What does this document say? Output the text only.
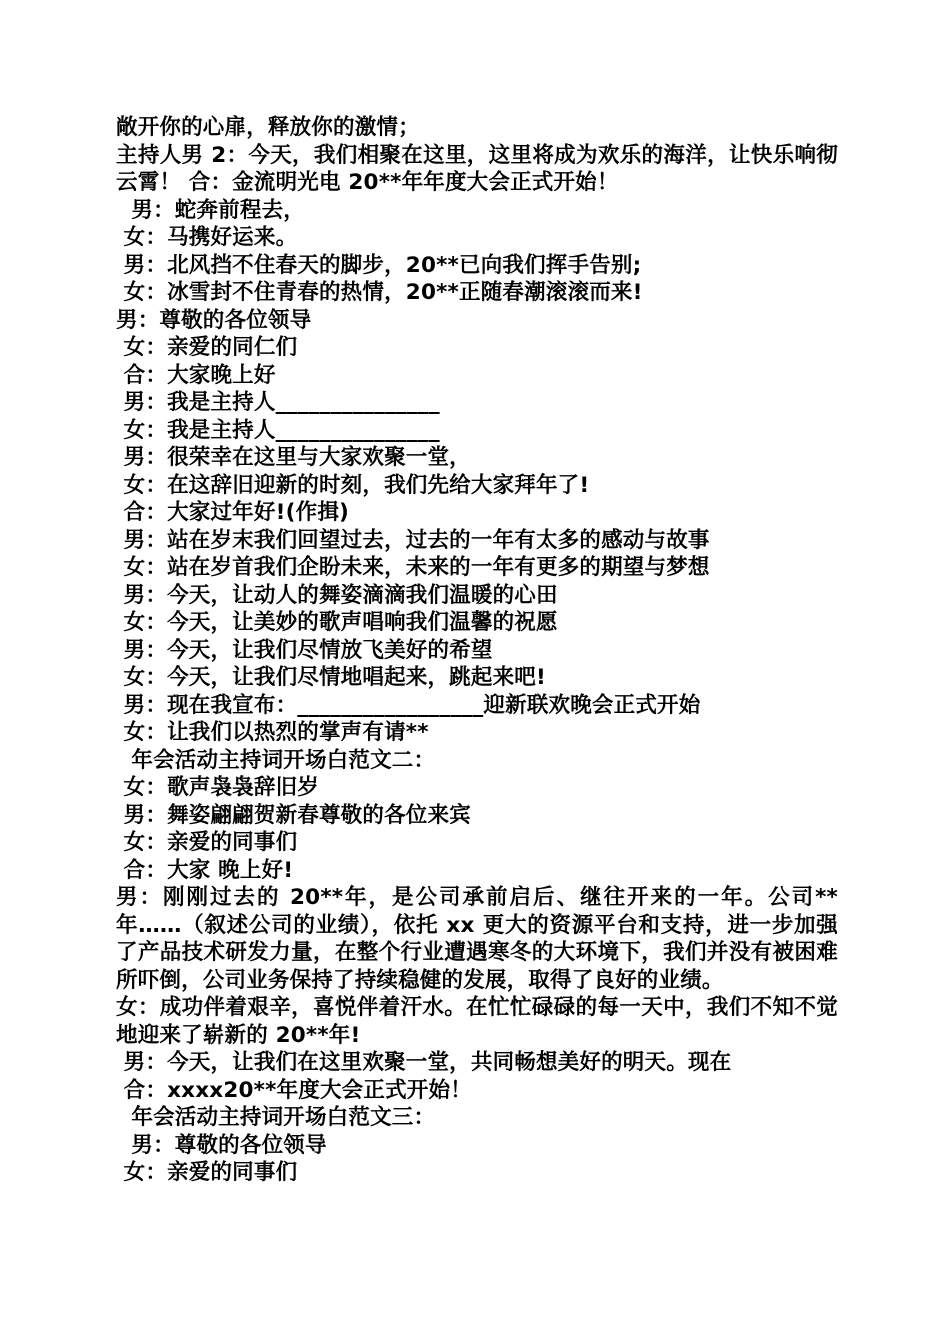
敞开你的心扉，释放你的激情；
主持人男 2：今天，我们相聚在这里，这里将成为欢乐的海洋，让快乐响彻云霄！ 合：金流明光电 20**年年度大会正式开始！
男：蛇奔前程去，
女：马携好运来。
男：北风挡不住春天的脚步，20**已向我们挥手告别;
女：冰雪封不住青春的热情，20**正随春潮滚滚而来!
男：尊敬的各位领导
女：亲爱的同仁们
合：大家晚上好
男：我是主持人_______________
女：我是主持人_______________
男：很荣幸在这里与大家欢聚一堂，
女：在这辞旧迎新的时刻，我们先给大家拜年了!
合：大家过年好!(作揖)
男：站在岁末我们回望过去，过去的一年有太多的感动与故事
女：站在岁首我们企盼未来，未来的一年有更多的期望与梦想
男：今天，让动人的舞姿滴滴我们温暖的心田
女：今天，让美妙的歌声唱响我们温馨的祝愿
男：今天，让我们尽情放飞美好的希望
女：今天，让我们尽情地唱起来，跳起来吧!
男：现在我宣布：_________________迎新联欢晚会正式开始
女：让我们以热烈的掌声有请**
年会活动主持词开场白范文二：
女：歌声袅袅辞旧岁
男：舞姿翩翩贺新春尊敬的各位来宾
女：亲爱的同事们
合：大家 晚上好!
男：刚刚过去的 20**年，是公司承前启后、继往开来的一年。公司**年……（叙述公司的业绩），依托 xx 更大的资源平台和支持，进一步加强了产品技术研发力量，在整个行业遭遇寒冬的大环境下，我们并没有被困难所吓倒，公司业务保持了持续稳健的发展，取得了良好的业绩。
女：成功伴着艰辛，喜悦伴着汗水。在忙忙碌碌的每一天中，我们不知不觉地迎来了崭新的 20**年!
男：今天，让我们在这里欢聚一堂，共同畅想美好的明天。现在
合：xxxx20**年度大会正式开始！
年会活动主持词开场白范文三：
男：尊敬的各位领导
女：亲爱的同事们
